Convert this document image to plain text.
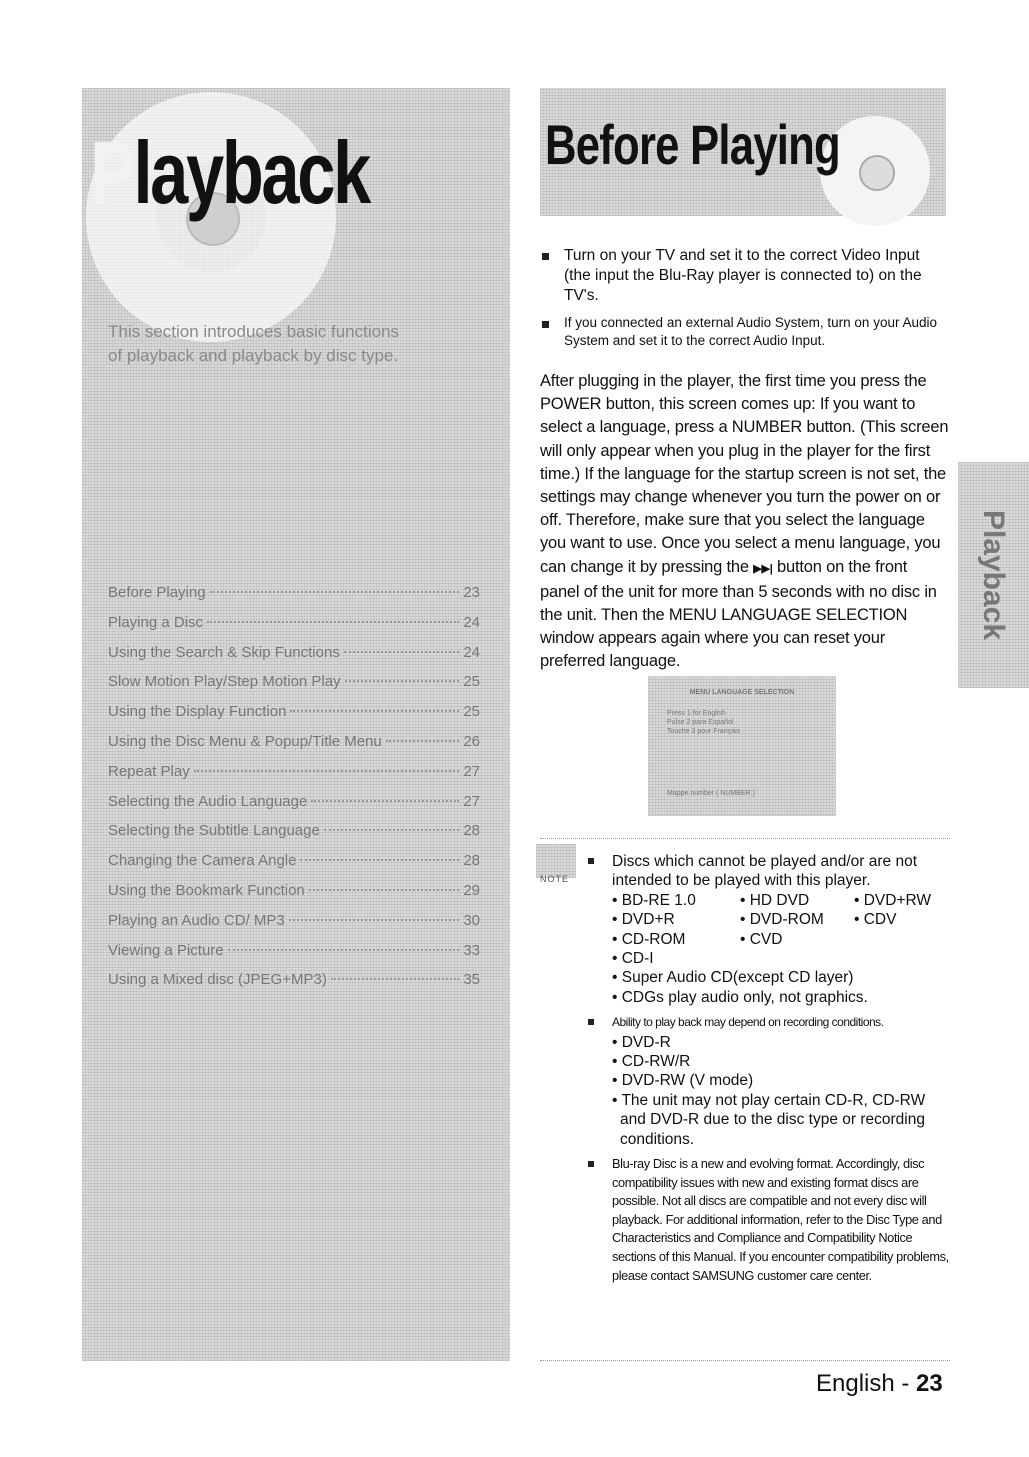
Playback

This section introduces basic functions of playback and playback by disc type.

Before Playing	23
Playing a Disc	24
Using the Search & Skip Functions	24
Slow Motion Play/Step Motion Play	25
Using the Display Function	25
Using the Disc Menu & Popup/Title Menu	26
Repeat Play	27
Selecting the Audio Language	27
Selecting the Subtitle Language	28
Changing the Camera Angle	28
Using the Bookmark Function	29
Playing an Audio CD/ MP3	30
Viewing a Picture	33
Using a Mixed disc (JPEG+MP3)	35
Before Playing
Turn on your TV and set it to the correct Video Input (the input the Blu-Ray player is connected to) on the TV's.
If you connected an external Audio System, turn on your Audio System and set it to the correct Audio Input.

After plugging in the player, the first time you press the POWER button, this screen comes up: If you want to select a language, press a NUMBER button. (This screen will only appear when you plug in the player for the first time.) If the language for the startup screen is not set, the settings may change whenever you turn the power on or off. Therefore, make sure that you select the language you want to use. Once you select a menu language, you can change it by pressing the ▶▶| button on the front panel of the unit for more than 5 seconds with no disc in the unit. Then the MENU LANGUAGE SELECTION window appears again where you can reset your preferred language.

MENU LANGUAGE SELECTION
Press 1 for English
Pulse 2 para Español
Touche 3 pour Français
Mappe number ( NUMBER )
NOTE
Discs which cannot be played and/or are not intended to be played with this player.
• BD-RE 1.0	• HD DVD	• DVD+RW
• DVD+R	• DVD-ROM	• CDV
• CD-ROM	• CVD
• CD-I
• Super Audio CD(except CD layer)
• CDGs play audio only, not graphics.
Ability to play back may depend on recording conditions.
• DVD-R
• CD-RW/R
• DVD-RW (V mode)
• The unit may not play certain CD-R, CD-RW and DVD-R due to the disc type or recording conditions.
Blu-ray Disc is a new and evolving format. Accordingly, disc compatibility issues with new and existing format discs are possible. Not all discs are compatible and not every disc will playback. For additional information, refer to the Disc Type and Characteristics and Compliance and Compatibility Notice sections of this Manual. If you encounter compatibility problems, please contact SAMSUNG customer care center.
English - 23
Playback
